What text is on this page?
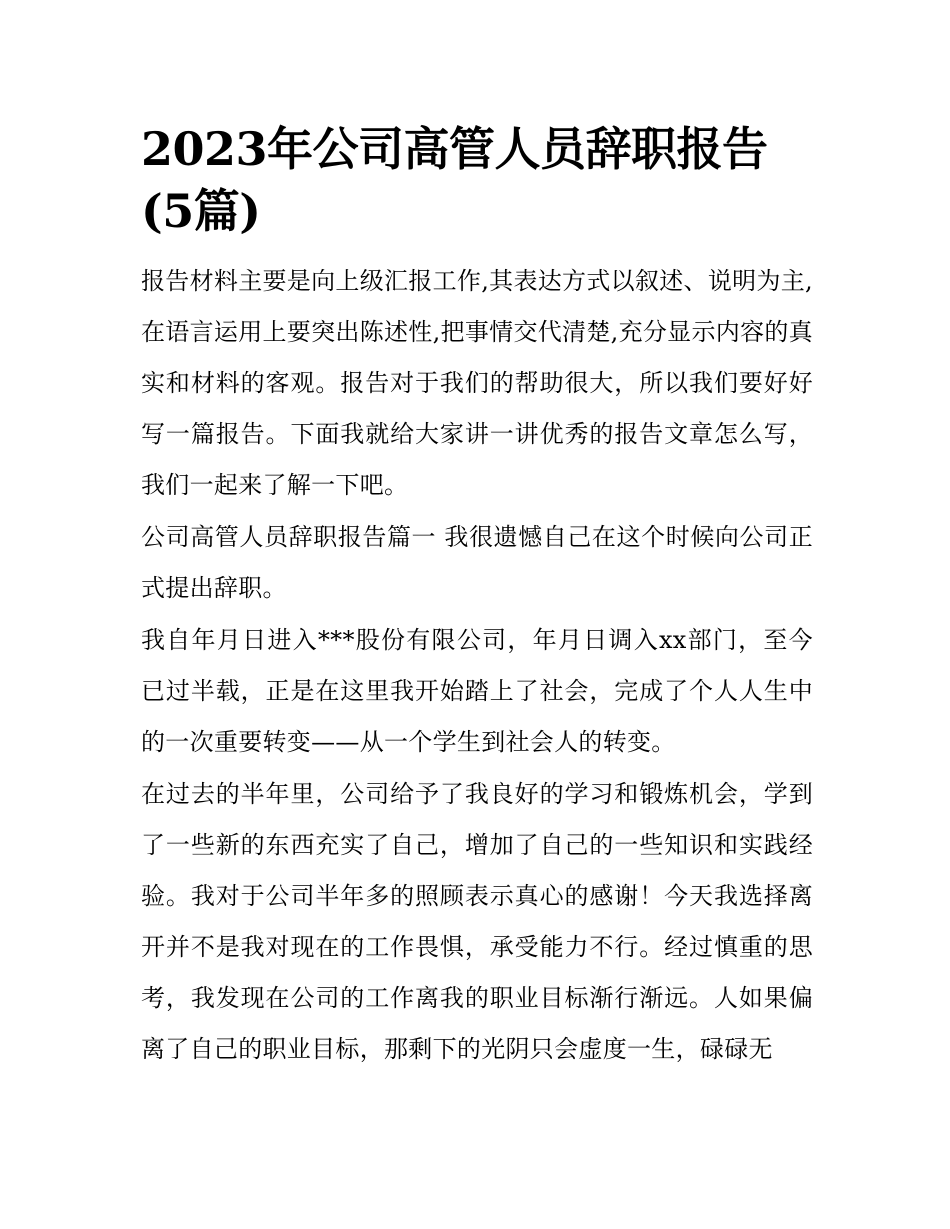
2023年公司高管人员辞职报告(5篇)

报告材料主要是向上级汇报工作,其表达方式以叙述、说明为主,在语言运用上要突出陈述性,把事情交代清楚,充分显示内容的真实和材料的客观。报告对于我们的帮助很大，所以我们要好好写一篇报告。下面我就给大家讲一讲优秀的报告文章怎么写，我们一起来了解一下吧。

公司高管人员辞职报告篇一 我很遗憾自己在这个时候向公司正式提出辞职。

我自年月日进入***股份有限公司，年月日调入xx部门，至今已过半载，正是在这里我开始踏上了社会，完成了个人人生中的一次重要转变——从一个学生到社会人的转变。

在过去的半年里，公司给予了我良好的学习和锻炼机会，学到了一些新的东西充实了自己，增加了自己的一些知识和实践经验。我对于公司半年多的照顾表示真心的感谢！今天我选择离开并不是我对现在的工作畏惧，承受能力不行。经过慎重的思考，我发现在公司的工作离我的职业目标渐行渐远。人如果偏离了自己的职业目标，那剩下的光阴只会虚度一生，碌碌无
